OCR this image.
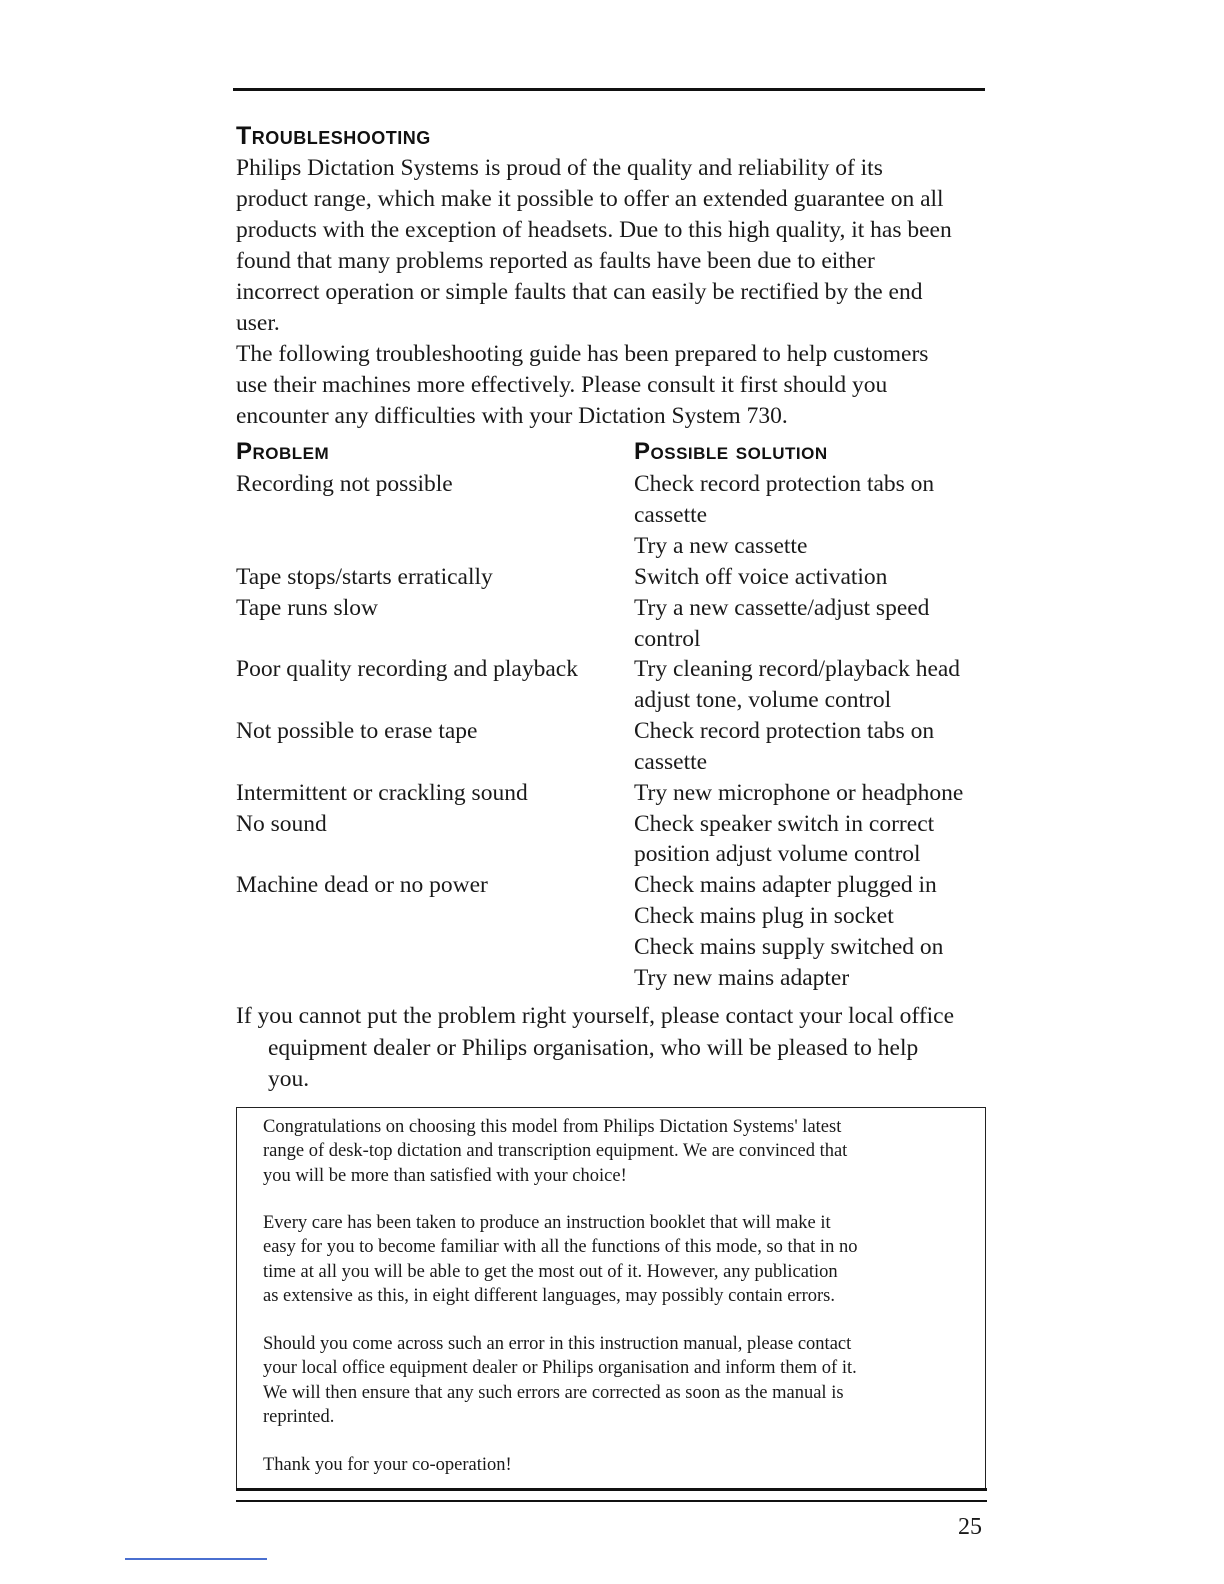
Troubleshooting
Philips Dictation Systems is proud of the quality and reliability of its
product range, which make it possible to offer an extended guarantee on all
products with the exception of headsets. Due to this high quality, it has been
found that many problems reported as faults have been due to either
incorrect operation or simple faults that can easily be rectified by the end
user.
The following troubleshooting guide has been prepared to help customers
use their machines more effectively. Please consult it first should you
encounter any difficulties with your Dictation System 730.
Problem	Possible solution
Recording not possible
Tape stops/starts erratically
Tape runs slow
Poor quality recording and playback
Not possible to erase tape
Intermittent or crackling sound
No sound
Machine dead or no power
Check record protection tabs on
cassette
Try a new cassette
Switch off voice activation
Try a new cassette/adjust speed
control
Try cleaning record/playback head
adjust tone, volume control
Check record protection tabs on
cassette
Try new microphone or headphone
Check speaker switch in correct
position adjust volume control
Check mains adapter plugged in
Check mains plug in socket
Check mains supply switched on
Try new mains adapter
If you cannot put the problem right yourself, please contact your local office
equipment dealer or Philips organisation, who will be pleased to help
you.
Congratulations on choosing this model from Philips Dictation Systems' latest
range of desk-top dictation and transcription equipment. We are convinced that
you will be more than satisfied with your choice!
Every care has been taken to produce an instruction booklet that will make it
easy for you to become familiar with all the functions of this mode, so that in no
time at all you will be able to get the most out of it. However, any publication
as extensive as this, in eight different languages, may possibly contain errors.
Should you come across such an error in this instruction manual, please contact
your local office equipment dealer or Philips organisation and inform them of it.
We will then ensure that any such errors are corrected as soon as the manual is
reprinted.
Thank you for your co-operation!
25
